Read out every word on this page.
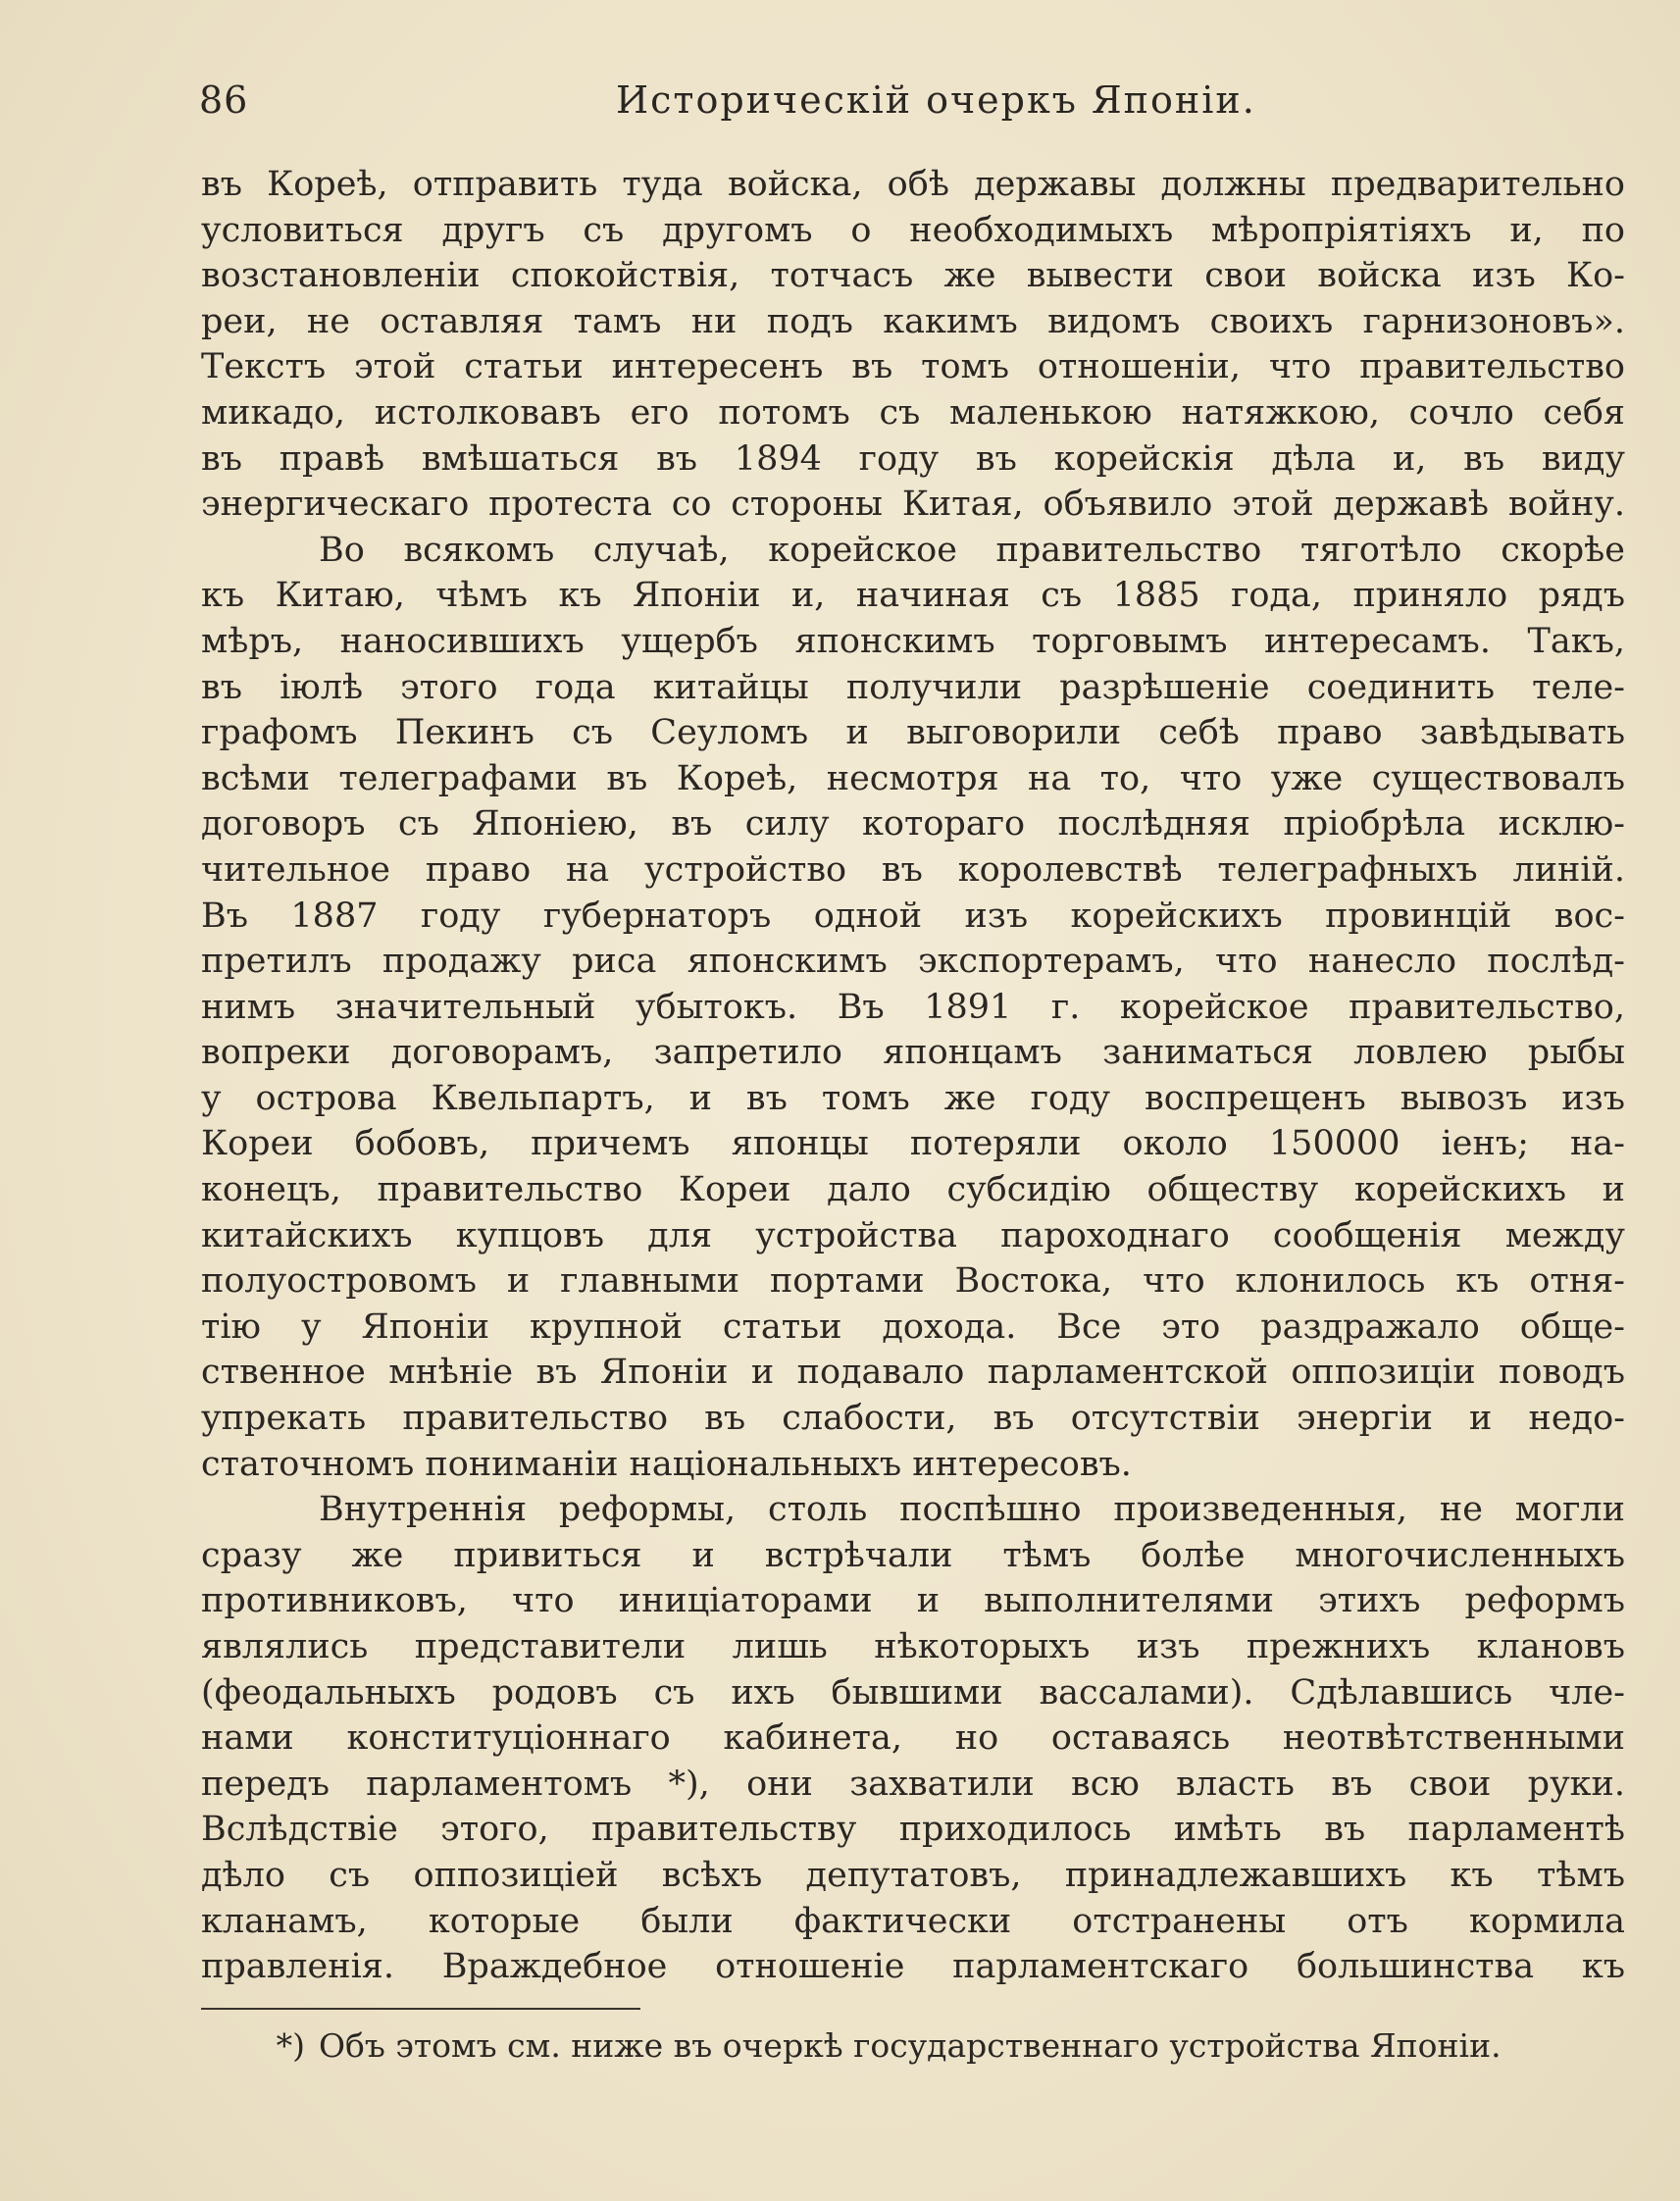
86	Историческій очеркъ Японіи.
въ Кореѣ, отправить туда войска, обѣ державы должны предварительно
условиться другъ съ другомъ о необходимыхъ мѣропріятіяхъ и, по
возстановленіи спокойствія, тотчасъ же вывести свои войска изъ Ко-
реи, не оставляя тамъ ни подъ какимъ видомъ своихъ гарнизоновъ».
Текстъ этой статьи интересенъ въ томъ отношеніи, что правительство
микадо, истолковавъ его потомъ съ маленькою натяжкою, сочло себя
въ правѣ вмѣшаться въ 1894 году въ корейскія дѣла и, въ виду
энергическаго протеста со стороны Китая, объявило этой державѣ войну.
Во всякомъ случаѣ, корейское правительство тяготѣло скорѣе
къ Китаю, чѣмъ къ Японіи и, начиная съ 1885 года, приняло рядъ
мѣръ, наносившихъ ущербъ японскимъ торговымъ интересамъ. Такъ,
въ іюлѣ этого года китайцы получили разрѣшеніе соединить теле-
графомъ Пекинъ съ Сеуломъ и выговорили себѣ право завѣдывать
всѣми телеграфами въ Кореѣ, несмотря на то, что уже существовалъ
договоръ съ Японіею, въ силу котораго послѣдняя пріобрѣла исклю-
чительное право на устройство въ королевствѣ телеграфныхъ линій.
Въ 1887 году губернаторъ одной изъ корейскихъ провинцій вос-
претилъ продажу риса японскимъ экспортерамъ, что нанесло послѣд-
нимъ значительный убытокъ. Въ 1891 г. корейское правительство,
вопреки договорамъ, запретило японцамъ заниматься ловлею рыбы
у острова Квельпартъ, и въ томъ же году воспрещенъ вывозъ изъ
Кореи бобовъ, причемъ японцы потеряли около 150000 іенъ; на-
конецъ, правительство Кореи дало субсидію обществу корейскихъ и
китайскихъ купцовъ для устройства пароходнаго сообщенія между
полуостровомъ и главными портами Востока, что клонилось къ отня-
тію у Японіи крупной статьи дохода. Все это раздражало обще-
ственное мнѣніе въ Японіи и подавало парламентской оппозиціи поводъ
упрекать правительство въ слабости, въ отсутствіи энергіи и недо-
статочномъ пониманіи національныхъ интересовъ.
Внутреннія реформы, столь поспѣшно произведенныя, не могли
сразу же привиться и встрѣчали тѣмъ болѣе многочисленныхъ
противниковъ, что иниціаторами и выполнителями этихъ реформъ
являлись представители лишь нѣкоторыхъ изъ прежнихъ клановъ
(феодальныхъ родовъ съ ихъ бывшими вассалами). Сдѣлавшись чле-
нами конституціоннаго кабинета, но оставаясь неотвѣтственными
передъ парламентомъ *), они захватили всю власть въ свои руки.
Вслѣдствіе этого, правительству приходилось имѣть въ парламентѣ
дѣло съ оппозиціей всѣхъ депутатовъ, принадлежавшихъ къ тѣмъ
кланамъ, которые были фактически отстранены отъ кормила
правленія. Враждебное отношеніе парламентскаго большинства къ
*) Объ этомъ см. ниже въ очеркѣ государственнаго устройства Японіи.
